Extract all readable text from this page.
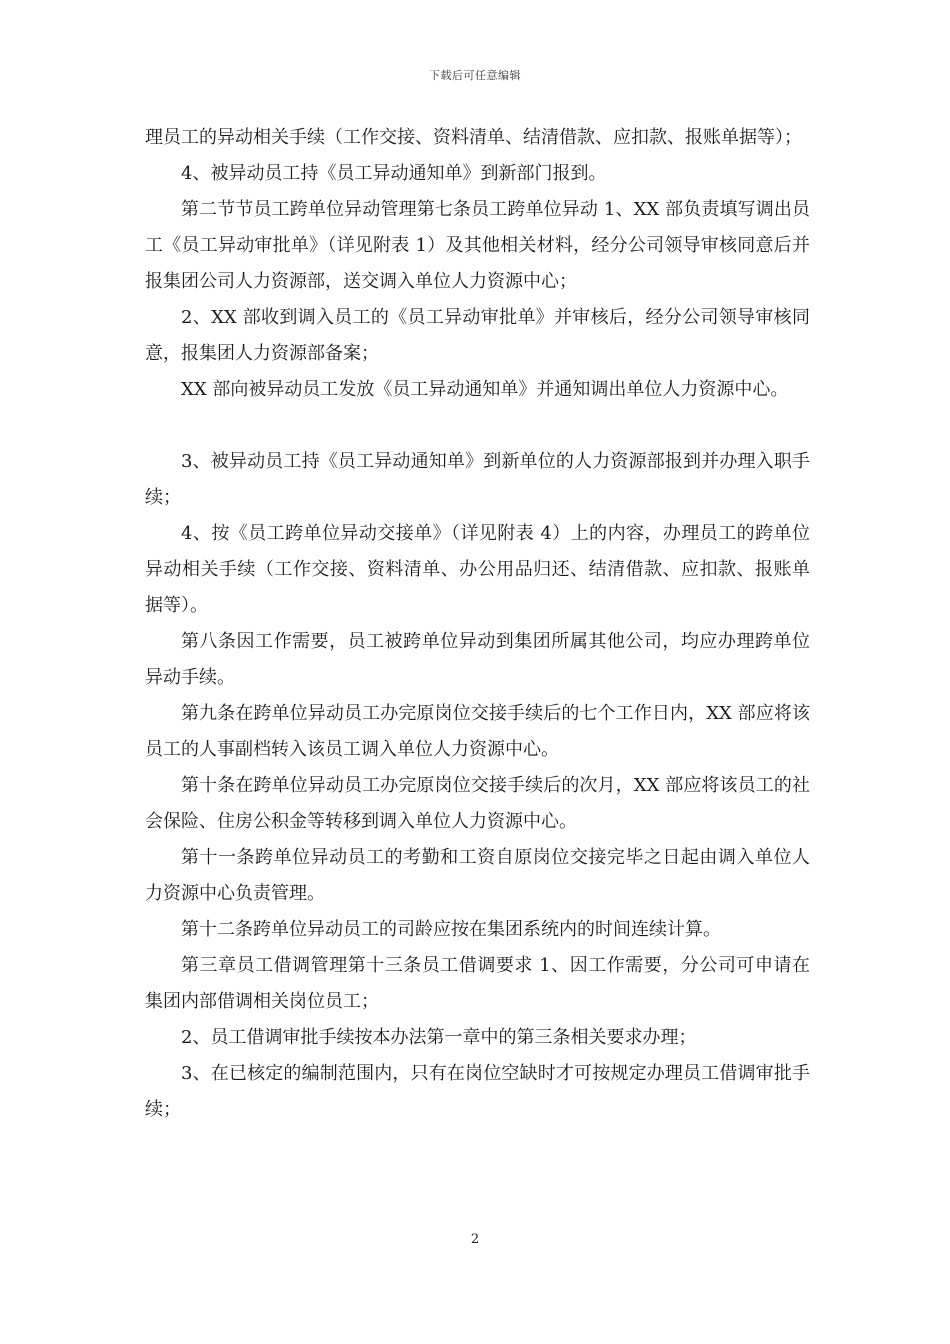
下载后可任意编辑

理员工的异动相关手续（工作交接、资料清单、结清借款、应扣款、报账单据等）；

4、被异动员工持《员工异动通知单》到新部门报到。

第二节节员工跨单位异动管理第七条员工跨单位异动 1、XX 部负责填写调出员工《员工异动审批单》（详见附表 1）及其他相关材料，经分公司领导审核同意后并报集团公司人力资源部，送交调入单位人力资源中心；

2、XX 部收到调入员工的《员工异动审批单》并审核后，经分公司领导审核同意，报集团人力资源部备案；

XX 部向被异动员工发放《员工异动通知单》并通知调出单位人力资源中心。

3、被异动员工持《员工异动通知单》到新单位的人力资源部报到并办理入职手续；

4、按《员工跨单位异动交接单》（详见附表 4）上的内容，办理员工的跨单位异动相关手续（工作交接、资料清单、办公用品归还、结清借款、应扣款、报账单据等）。

第八条因工作需要，员工被跨单位异动到集团所属其他公司，均应办理跨单位异动手续。

第九条在跨单位异动员工办完原岗位交接手续后的七个工作日内，XX 部应将该员工的人事副档转入该员工调入单位人力资源中心。

第十条在跨单位异动员工办完原岗位交接手续后的次月，XX 部应将该员工的社会保险、住房公积金等转移到调入单位人力资源中心。

第十一条跨单位异动员工的考勤和工资自原岗位交接完毕之日起由调入单位人力资源中心负责管理。

第十二条跨单位异动员工的司龄应按在集团系统内的时间连续计算。

第三章员工借调管理第十三条员工借调要求 1、因工作需要，分公司可申请在集团内部借调相关岗位员工；

2、员工借调审批手续按本办法第一章中的第三条相关要求办理；

3、在已核定的编制范围内，只有在岗位空缺时才可按规定办理员工借调审批手续；

2
